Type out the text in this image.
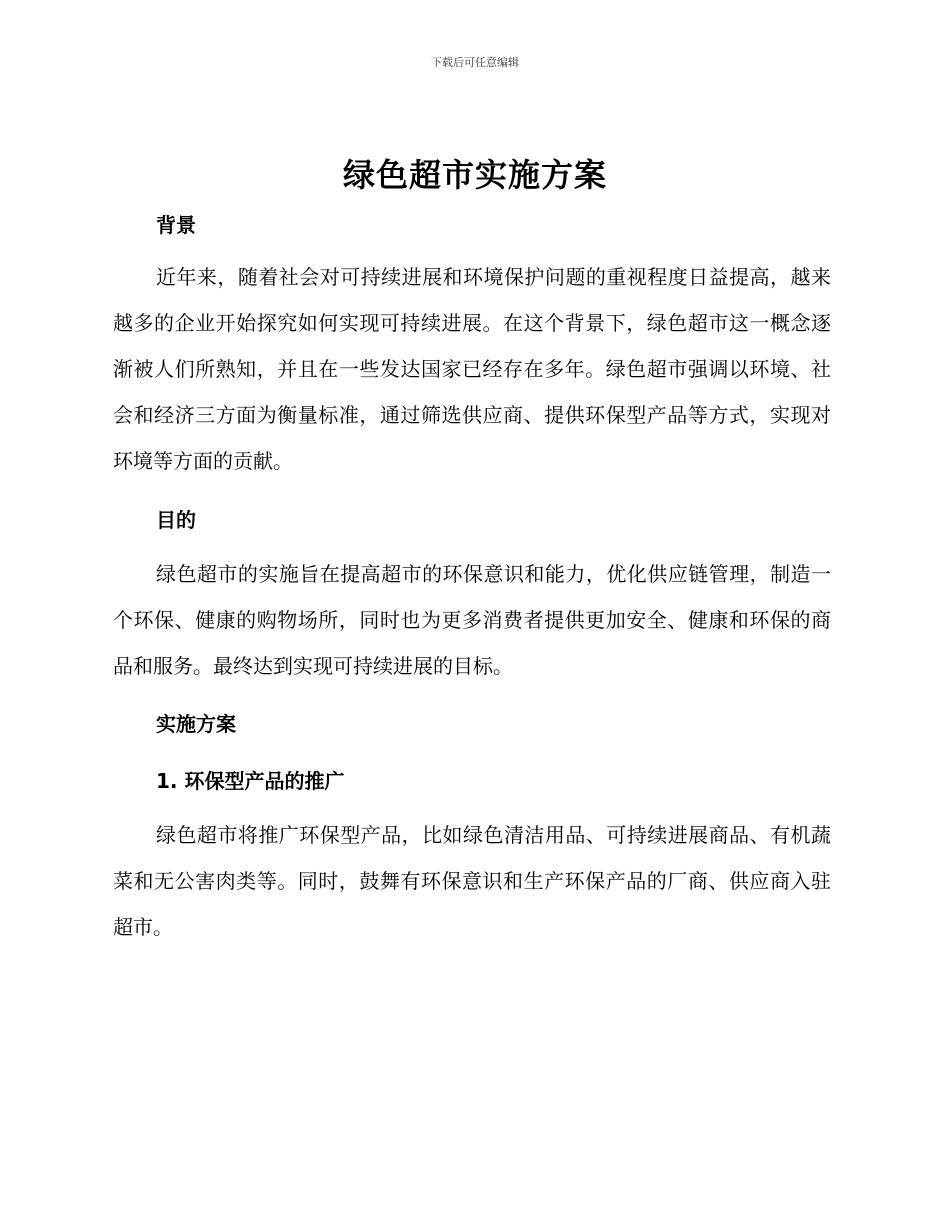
下载后可任意编辑
绿色超市实施方案
背景

近年来，随着社会对可持续进展和环境保护问题的重视程度日益提高，越来越多的企业开始探究如何实现可持续进展。在这个背景下，绿色超市这一概念逐渐被人们所熟知，并且在一些发达国家已经存在多年。绿色超市强调以环境、社会和经济三方面为衡量标准，通过筛选供应商、提供环保型产品等方式，实现对环境等方面的贡献。

目的

绿色超市的实施旨在提高超市的环保意识和能力，优化供应链管理，制造一个环保、健康的购物场所，同时也为更多消费者提供更加安全、健康和环保的商品和服务。最终达到实现可持续进展的目标。

实施方案
1. 环保型产品的推广

绿色超市将推广环保型产品，比如绿色清洁用品、可持续进展商品、有机蔬菜和无公害肉类等。同时，鼓舞有环保意识和生产环保产品的厂商、供应商入驻超市。
